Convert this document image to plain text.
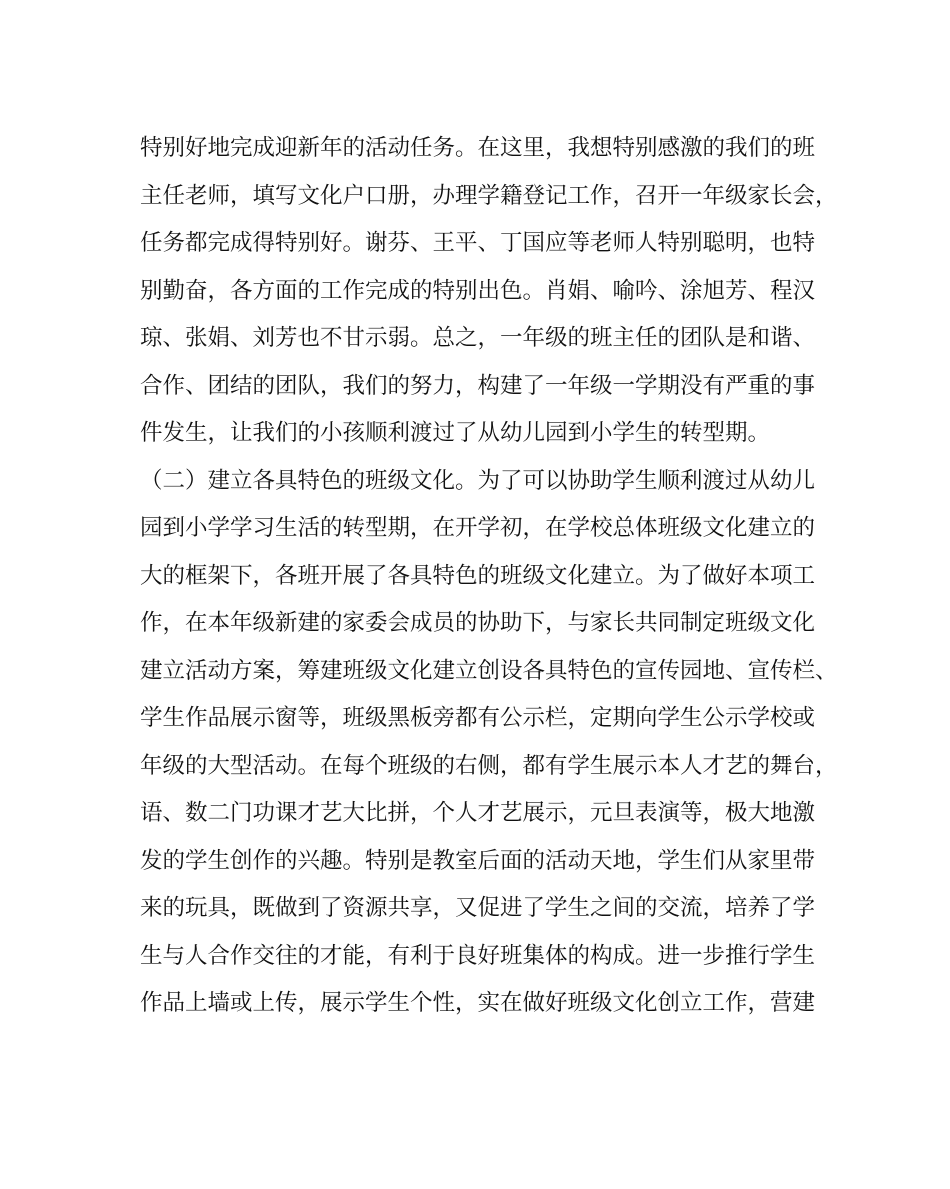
特别好地完成迎新年的活动任务。在这里，我想特别感激的我们的班
主任老师，填写文化户口册，办理学籍登记工作，召开一年级家长会，
任务都完成得特别好。谢芬、王平、丁国应等老师人特别聪明，也特
别勤奋，各方面的工作完成的特别出色。肖娟、喻吟、涂旭芳、程汉
琼、张娟、刘芳也不甘示弱。总之，一年级的班主任的团队是和谐、
合作、团结的团队，我们的努力，构建了一年级一学期没有严重的事
件发生，让我们的小孩顺利渡过了从幼儿园到小学生的转型期。
（二）建立各具特色的班级文化。为了可以协助学生顺利渡过从幼儿
园到小学学习生活的转型期，在开学初，在学校总体班级文化建立的
大的框架下，各班开展了各具特色的班级文化建立。为了做好本项工
作，在本年级新建的家委会成员的协助下，与家长共同制定班级文化
建立活动方案，筹建班级文化建立创设各具特色的宣传园地、宣传栏、
学生作品展示窗等，班级黑板旁都有公示栏，定期向学生公示学校或
年级的大型活动。在每个班级的右侧，都有学生展示本人才艺的舞台，
语、数二门功课才艺大比拼，个人才艺展示，元旦表演等，极大地激
发的学生创作的兴趣。特别是教室后面的活动天地，学生们从家里带
来的玩具，既做到了资源共享，又促进了学生之间的交流，培养了学
生与人合作交往的才能，有利于良好班集体的构成。进一步推行学生
作品上墙或上传，展示学生个性，实在做好班级文化创立工作，营建
